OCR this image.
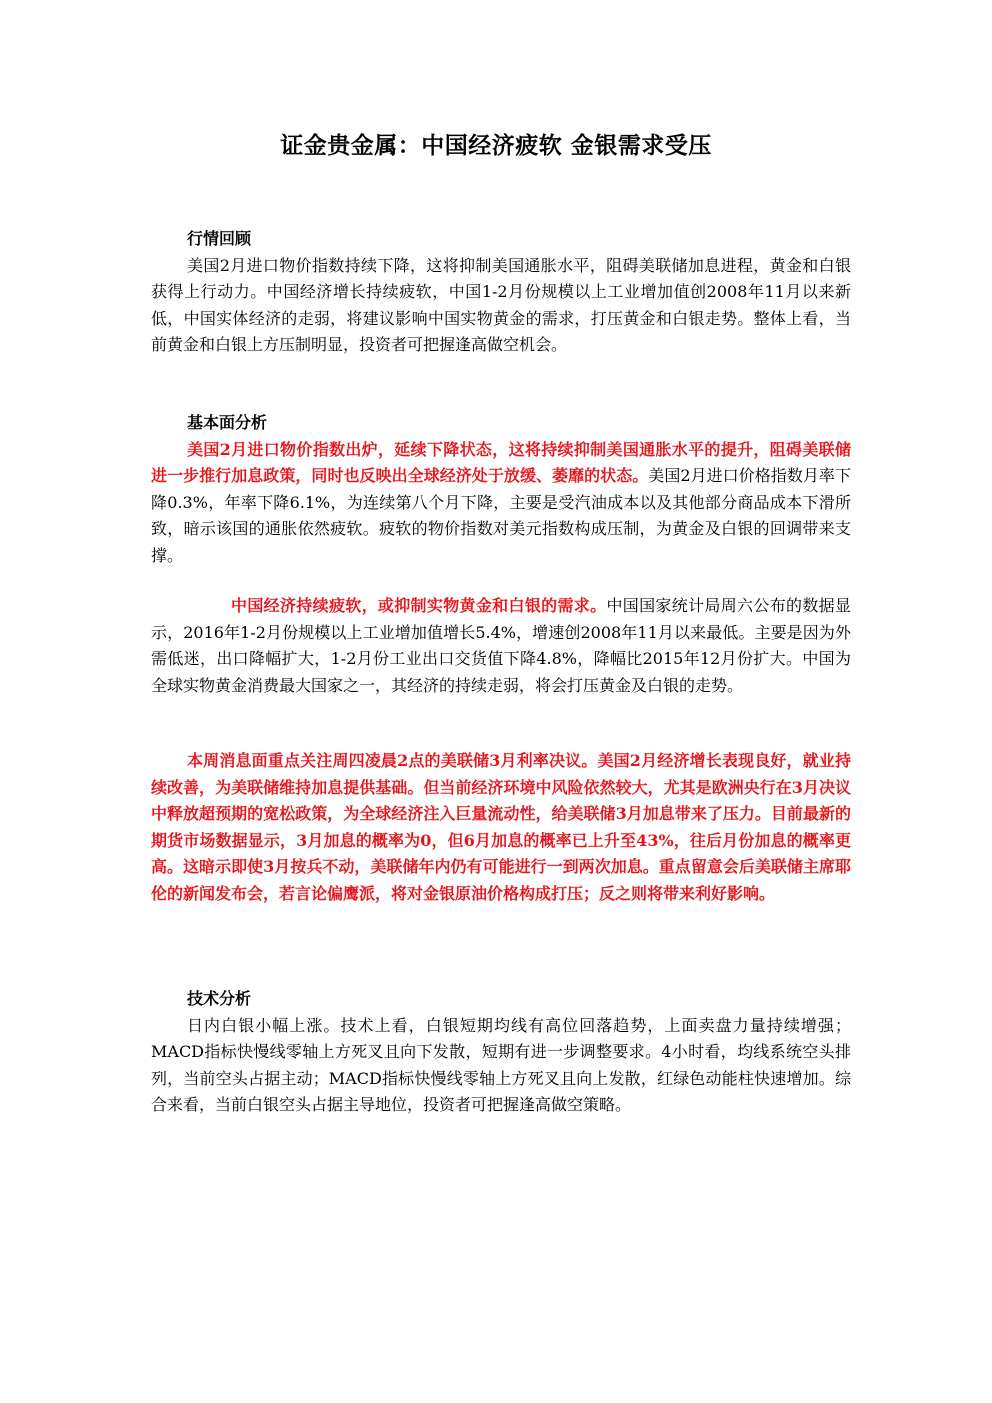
证金贵金属：中国经济疲软 金银需求受压
行情回顾
美国2月进口物价指数持续下降，这将抑制美国通胀水平，阻碍美联储加息进程，黄金和白银获得上行动力。中国经济增长持续疲软，中国1-2月份规模以上工业增加值创2008年11月以来新低，中国实体经济的走弱，将建议影响中国实物黄金的需求，打压黄金和白银走势。整体上看，当前黄金和白银上方压制明显，投资者可把握逢高做空机会。
基本面分析
美国2月进口物价指数出炉，延续下降状态，这将持续抑制美国通胀水平的提升，阻碍美联储进一步推行加息政策，同时也反映出全球经济处于放缓、萎靡的状态。美国2月进口价格指数月率下降0.3%，年率下降6.1%，为连续第八个月下降，主要是受汽油成本以及其他部分商品成本下滑所致，暗示该国的通胀依然疲软。疲软的物价指数对美元指数构成压制，为黄金及白银的回调带来支撑。
中国经济持续疲软，或抑制实物黄金和白银的需求。中国国家统计局周六公布的数据显示，2016年1-2月份规模以上工业增加值增长5.4%，增速创2008年11月以来最低。主要是因为外需低迷，出口降幅扩大，1-2月份工业出口交货值下降4.8%，降幅比2015年12月份扩大。中国为全球实物黄金消费最大国家之一，其经济的持续走弱，将会打压黄金及白银的走势。
本周消息面重点关注周四凌晨2点的美联储3月利率决议。美国2月经济增长表现良好，就业持续改善，为美联储维持加息提供基础。但当前经济环境中风险依然较大，尤其是欧洲央行在3月决议中释放超预期的宽松政策，为全球经济注入巨量流动性，给美联储3月加息带来了压力。目前最新的期货市场数据显示，3月加息的概率为0，但6月加息的概率已上升至43%，往后月份加息的概率更高。这暗示即使3月按兵不动，美联储年内仍有可能进行一到两次加息。重点留意会后美联储主席耶伦的新闻发布会，若言论偏鹰派，将对金银原油价格构成打压；反之则将带来利好影响。
技术分析
日内白银小幅上涨。技术上看，白银短期均线有高位回落趋势，上面卖盘力量持续增强；MACD指标快慢线零轴上方死叉且向下发散，短期有进一步调整要求。4小时看，均线系统空头排列，当前空头占据主动；MACD指标快慢线零轴上方死叉且向上发散，红绿色动能柱快速增加。综合来看，当前白银空头占据主导地位，投资者可把握逢高做空策略。
